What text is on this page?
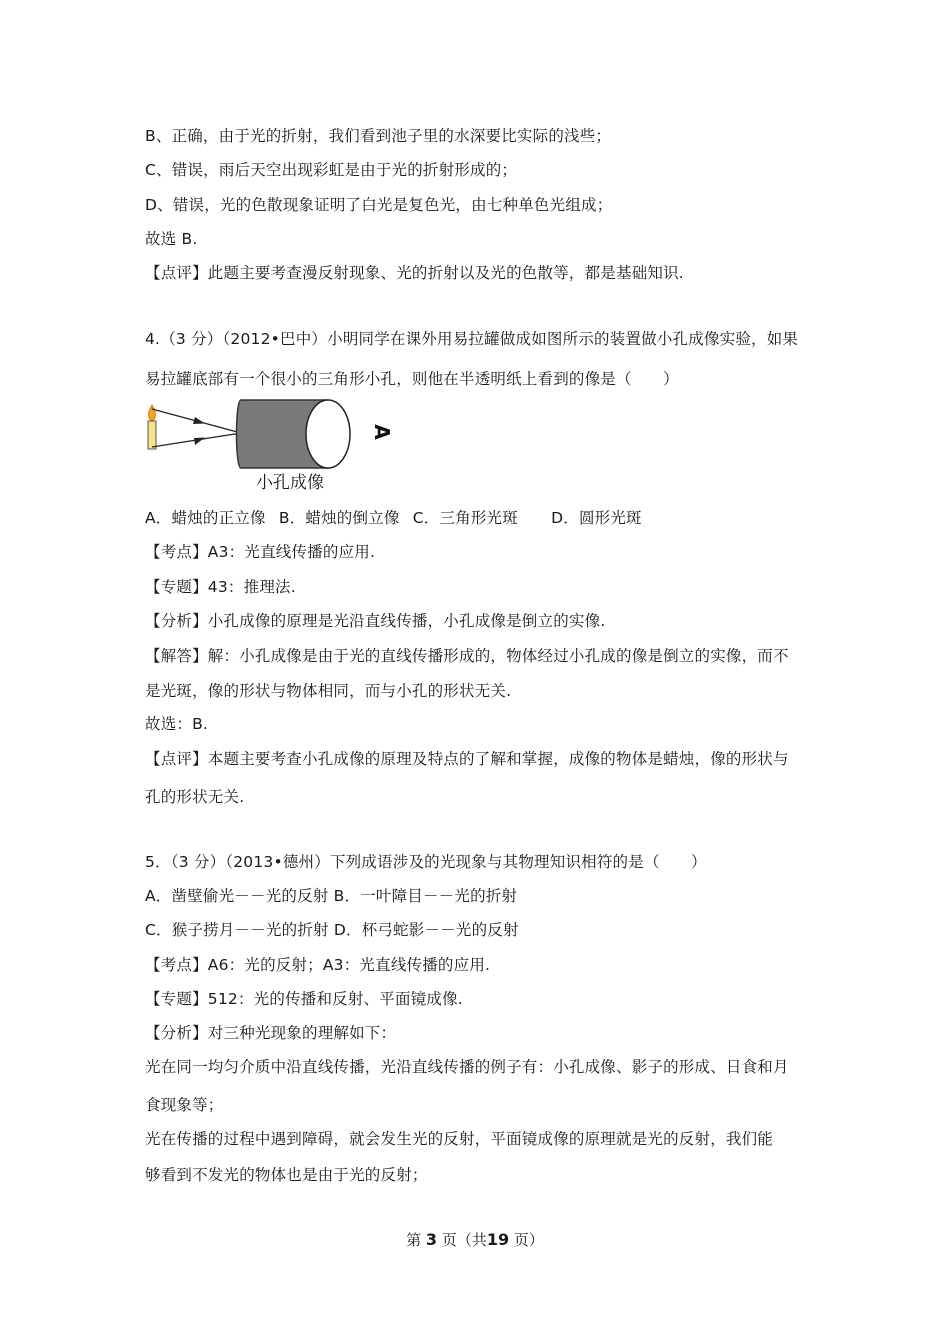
B、正确，由于光的折射，我们看到池子里的水深要比实际的浅些；
C、错误，雨后天空出现彩虹是由于光的折射形成的；
D、错误，光的色散现象证明了白光是复色光，由七种单色光组成；
故选 B.
【点评】此题主要考查漫反射现象、光的折射以及光的色散等，都是基础知识.
4.（3 分）（2012•巴中）小明同学在课外用易拉罐做成如图所示的装置做小孔成像实验，如果
易拉罐底部有一个很小的三角形小孔，则他在半透明纸上看到的像是（　　）
A
小孔成像
A．蜡烛的正立像 B．蜡烛的倒立像 C．三角形光斑 D．圆形光斑
【考点】A3：光直线传播的应用.
【专题】43：推理法.
【分析】小孔成像的原理是光沿直线传播，小孔成像是倒立的实像.
【解答】解：小孔成像是由于光的直线传播形成的，物体经过小孔成的像是倒立的实像，而不
是光斑，像的形状与物体相同，而与小孔的形状无关.
故选：B.
【点评】本题主要考查小孔成像的原理及特点的了解和掌握，成像的物体是蜡烛，像的形状与
孔的形状无关.
5．（3 分）（2013•德州）下列成语涉及的光现象与其物理知识相符的是（　　）
A．凿壁偷光－－光的反射 B．一叶障目－－光的折射
C．猴子捞月－－光的折射 D．杯弓蛇影－－光的反射
【考点】A6：光的反射；A3：光直线传播的应用.
【专题】512：光的传播和反射、平面镜成像.
【分析】对三种光现象的理解如下：
光在同一均匀介质中沿直线传播，光沿直线传播的例子有：小孔成像、影子的形成、日食和月
食现象等；
光在传播的过程中遇到障碍，就会发生光的反射，平面镜成像的原理就是光的反射，我们能
够看到不发光的物体也是由于光的反射；
第 3 页（共19 页）
